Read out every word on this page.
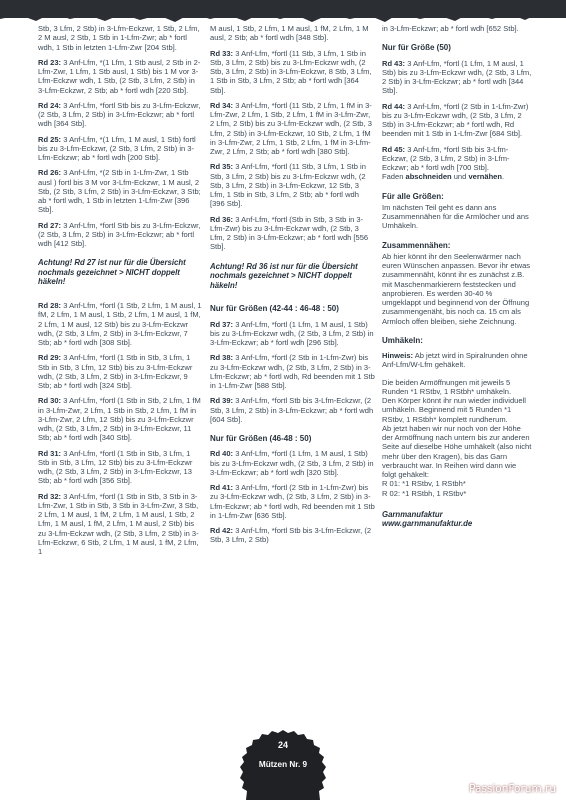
Stb, 3 Lfm, 2 Stb) in 3-Lfm-Eckzwr, 1 Stb, 2 Lfm, 2 M ausl, 2 Stb, 1 Stb in 1-Lfm-Zwr; ab * fortl wdh, 1 Stb in letzten 1-Lfm-Zwr [204 Stb].
Rd 23: 3 Anf-Lfm, *(1 Lfm, 1 Stb ausl, 2 Stb in 2-Lfm-Zwr, 1 Lfm, 1 Stb ausl, 1 Stb) bis 1 M vor 3-Lfm-Eckzwr wdh, 1 Stb, (2 Stb, 3 Lfm, 2 Stb) in 3-Lfm-Eckzwr, 2 Stb; ab * fortl wdh [220 Stb].
Rd 24: 3 Anf-Lfm, *fortl Stb bis zu 3-Lfm-Eckzwr, (2 Stb, 3 Lfm, 2 Stb) in 3-Lfm-Eckzwr; ab * fortl wdh [364 Stb].
Rd 25: 3 Anf-Lfm, *(1 Lfm, 1 M ausl, 1 Stb) fortl bis zu 3-Lfm-Eckzwr, (2 Stb, 3 Lfm, 2 Stb) in 3-Lfm-Eckzwr; ab * fortl wdh [200 Stb].
Rd 26: 3 Anf-Lfm, *(2 Stb in 1-Lfm-Zwr, 1 Stb ausl ) fortl bis 3 M vor 3-Lfm-Eckzwr, 1 M ausl, 2 Stb, (2 Stb, 3 Lfm, 2 Stb) in 3-Lfm-Eckzwr, 3 Stb; ab * fortl wdh, 1 Stb in letzten 1-Lfm-Zwr [396 Stb].
Rd 27: 3 Anf-Lfm, *fortl Stb bis zu 3-Lfm-Eckzwr, (2 Stb, 3 Lfm, 2 Stb) in 3-Lfm-Eckzwr; ab * fortl wdh [412 Stb].
Achtung! Rd 27 ist nur für die Übersicht nochmals gezeichnet > NICHT doppelt häkeln!
Rd 28: 3 Anf-Lfm, *fortl (1 Stb, 2 Lfm, 1 M ausl, 1 fM, 2 Lfm, 1 M ausl, 1 Stb, 2 Lfm, 1 M ausl, 1 fM, 2 Lfm, 1 M ausl, 12 Stb) bis zu 3-Lfm-Eckzwr wdh, (2 Stb, 3 Lfm, 2 Stb) in 3-Lfm-Eckzwr, 7 Stb; ab * fortl wdh [308 Stb].
Rd 29: 3 Anf-Lfm, *fortl (1 Stb in Stb, 3 Lfm, 1 Stb in Stb, 3 Lfm, 12 Stb) bis zu 3-Lfm-Eckzwr wdh, (2 Stb, 3 Lfm, 2 Stb) in 3-Lfm-Eckzwr, 9 Stb; ab * fortl wdh [324 Stb].
Rd 30: 3 Anf-Lfm, *fortl (1 Stb in Stb, 2 Lfm, 1 fM in 3-Lfm-Zwr, 2 Lfm, 1 Stb in Stb, 2 Lfm, 1 fM in 3-Lfm-Zwr, 2 Lfm, 12 Stb) bis zu 3-Lfm-Eckzwr wdh, (2 Stb, 3 Lfm, 2 Stb) in 3-Lfm-Eckzwr, 11 Stb; ab * fortl wdh [340 Stb].
Rd 31: 3 Anf-Lfm, *fortl (1 Stb in Stb, 3 Lfm, 1 Stb in Stb, 3 Lfm, 12 Stb) bis zu 3-Lfm-Eckzwr wdh, (2 Stb, 3 Lfm, 2 Stb) in 3-Lfm-Eckzwr, 13 Stb; ab * fortl wdh [356 Stb].
Rd 32: 3 Anf-Lfm, *fortl (1 Stb in Stb, 3 Stb in 3-Lfm-Zwr, 1 Stb in Stb, 3 Stb in 3-Lfm-Zwr, 3 Stb, 2 Lfm, 1 M ausl, 1 fM, 2 Lfm, 1 M ausl, 1 Stb, 2 Lfm, 1 M ausl, 1 fM, 2 Lfm, 1 M ausl, 2 Stb) bis zu 3-Lfm-Eckzwr wdh, (2 Stb, 3 Lfm, 2 Stb) in 3-Lfm-Eckzwr, 6 Stb, 2 Lfm, 1 M ausl, 1 fM, 2 Lfm, 1
M ausl, 1 Stb, 2 Lfm, 1 M ausl, 1 fM, 2 Lfm, 1 M ausl, 2 Stb; ab * fortl wdh [348 Stb].
Rd 33: 3 Anf-Lfm, *fortl (11 Stb, 3 Lfm, 1 Stb in Stb, 3 Lfm, 2 Stb) bis zu 3-Lfm-Eckzwr wdh, (2 Stb, 3 Lfm, 2 Stb) in 3-Lfm-Eckzwr, 8 Stb, 3 Lfm, 1 Stb in Stb, 3 Lfm, 2 Stb; ab * fortl wdh [364 Stb].
Rd 34: 3 Anf-Lfm, *fortl (11 Stb, 2 Lfm, 1 fM in 3-Lfm-Zwr, 2 Lfm, 1 Stb, 2 Lfm, 1 fM in 3-Lfm-Zwr, 2 Lfm, 2 Stb) bis zu 3-Lfm-Eckzwr wdh, (2 Stb, 3 Lfm, 2 Stb) in 3-Lfm-Eckzwr, 10 Stb, 2 Lfm, 1 fM in 3-Lfm-Zwr, 2 Lfm, 1 Stb, 2 Lfm, 1 fM in 3-Lfm-Zwr, 2 Lfm, 2 Stb; ab * fortl wdh [380 Stb].
Rd 35: 3 Anf-Lfm, *fortl (11 Stb, 3 Lfm, 1 Stb in Stb, 3 Lfm, 2 Stb) bis zu 3-Lfm-Eckzwr wdh, (2 Stb, 3 Lfm, 2 Stb) in 3-Lfm-Eckzwr, 12 Stb, 3 Lfm, 1 Stb in Stb, 3 Lfm, 2 Stb; ab * fortl wdh [396 Stb].
Rd 36: 3 Anf-Lfm, *fortl (Stb in Stb, 3 Stb in 3-Lfm-Zwr) bis zu 3-Lfm-Eckzwr wdh, (2 Stb, 3 Lfm, 2 Stb) in 3-Lfm-Eckzwr; ab * fortl wdh [556 Stb].
Achtung! Rd 36 ist nur für die Übersicht nochmals gezeichnet > NICHT doppelt häkeln!
Nur für Größen (42-44 : 46-48 : 50)
Rd 37: 3 Anf-Lfm, *fortl (1 Lfm, 1 M ausl, 1 Stb) bis zu 3-Lfm-Eckzwr wdh, (2 Stb, 3 Lfm, 2 Stb) in 3-Lfm-Eckzwr; ab * fortl wdh [296 Stb].
Rd 38: 3 Anf-Lfm, *fortl (2 Stb in 1-Lfm-Zwr) bis zu 3-Lfm-Eckzwr wdh, (2 Stb, 3 Lfm, 2 Stb) in 3-Lfm-Eckzwr; ab * fortl wdh, Rd beenden mit 1 Stb in 1-Lfm-Zwr [588 Stb].
Rd 39: 3 Anf-Lfm, *fortl Stb bis 3-Lfm-Eckzwr, (2 Stb, 3 Lfm, 2 Stb) in 3-Lfm-Eckzwr; ab * fortl wdh [604 Stb].
Nur für Größen (46-48 : 50)
Rd 40: 3 Anf-Lfm, *fortl (1 Lfm, 1 M ausl, 1 Stb) bis zu 3-Lfm-Eckzwr wdh, (2 Stb, 3 Lfm, 2 Stb) in 3-Lfm-Eckzwr; ab * fortl wdh [320 Stb].
Rd 41: 3 Anf-Lfm, *fortl (2 Stb in 1-Lfm-Zwr) bis zu 3-Lfm-Eckzwr wdh, (2 Stb, 3 Lfm, 2 Stb) in 3-Lfm-Eckzwr; ab * fortl wdh, Rd beenden mit 1 Stb in 1-Lfm-Zwr [636 Stb].
Rd 42: 3 Anf-Lfm, *fortl Stb bis 3-Lfm-Eckzwr, (2 Stb, 3 Lfm, 2 Stb)
in 3-Lfm-Eckzwr; ab * fortl wdh [652 Stb].
Nur für Größe (50)
Rd 43: 3 Anf-Lfm, *fortl (1 Lfm, 1 M ausl, 1 Stb) bis zu 3-Lfm-Eckzwr wdh, (2 Stb, 3 Lfm, 2 Stb) in 3-Lfm-Eckzwr; ab * fortl wdh [344 Stb].
Rd 44: 3 Anf-Lfm, *fortl (2 Stb in 1-Lfm-Zwr) bis zu 3-Lfm-Eckzwr wdh, (2 Stb, 3 Lfm, 2 Stb) in 3-Lfm-Eckzwr; ab * fortl wdh, Rd beenden mit 1 Stb in 1-Lfm-Zwr [684 Stb].
Rd 45: 3 Anf-Lfm, *fortl Stb bis 3-Lfm-Eckzwr, (2 Stb, 3 Lfm, 2 Stb) in 3-Lfm-Eckzwr; ab * fortl wdh [700 Stb].
Faden abschneiden und vernähen.
Für alle Größen:
Im nächsten Teil geht es dann ans Zusammennähen für die Armlöcher und ans Umhäkeln.
Zusammennähen:
Ab hier könnt ihr den Seelenwärmer nach euren Wünschen anpassen. Bevor ihr etwas zusammennäht, könnt ihr es zunächst z.B. mit Maschenmarkierern feststecken und anprobieren. Es werden 30-40 % umgeklappt und beginnend von der Öffnung zusammengenäht, bis noch ca. 15 cm als Armloch offen bleiben, siehe Zeichnung.
Umhäkeln:
Hinweis: Ab jetzt wird in Spiralrunden ohne Anf-Lfm/W-Lfm gehäkelt.
Die beiden Armöffnungen mit jeweils 5 Runden *1 RStbv, 1 RStbh* umhäkeln.
Den Körper könnt ihr nun wieder individuell umhäkeln. Beginnend mit 5 Runden *1 RStbv, 1 RStbh* komplett rundherum.
Ab jetzt haben wir nur noch von der Höhe der Armöffnung nach untern bis zur anderen Seite auf dieselbe Höhe umhäkelt (also nicht mehr über den Kragen), bis das Garn verbraucht war. In Reihen wird dann wie folgt gehäkelt:
R 01: *1 RStbv, 1 RStbh*
R 02: *1 RStbh, 1 RStbv*
Garnmanufaktur
www.garnmanufaktur.de
24
Mützen Nr. 9
PassionForum.ru
